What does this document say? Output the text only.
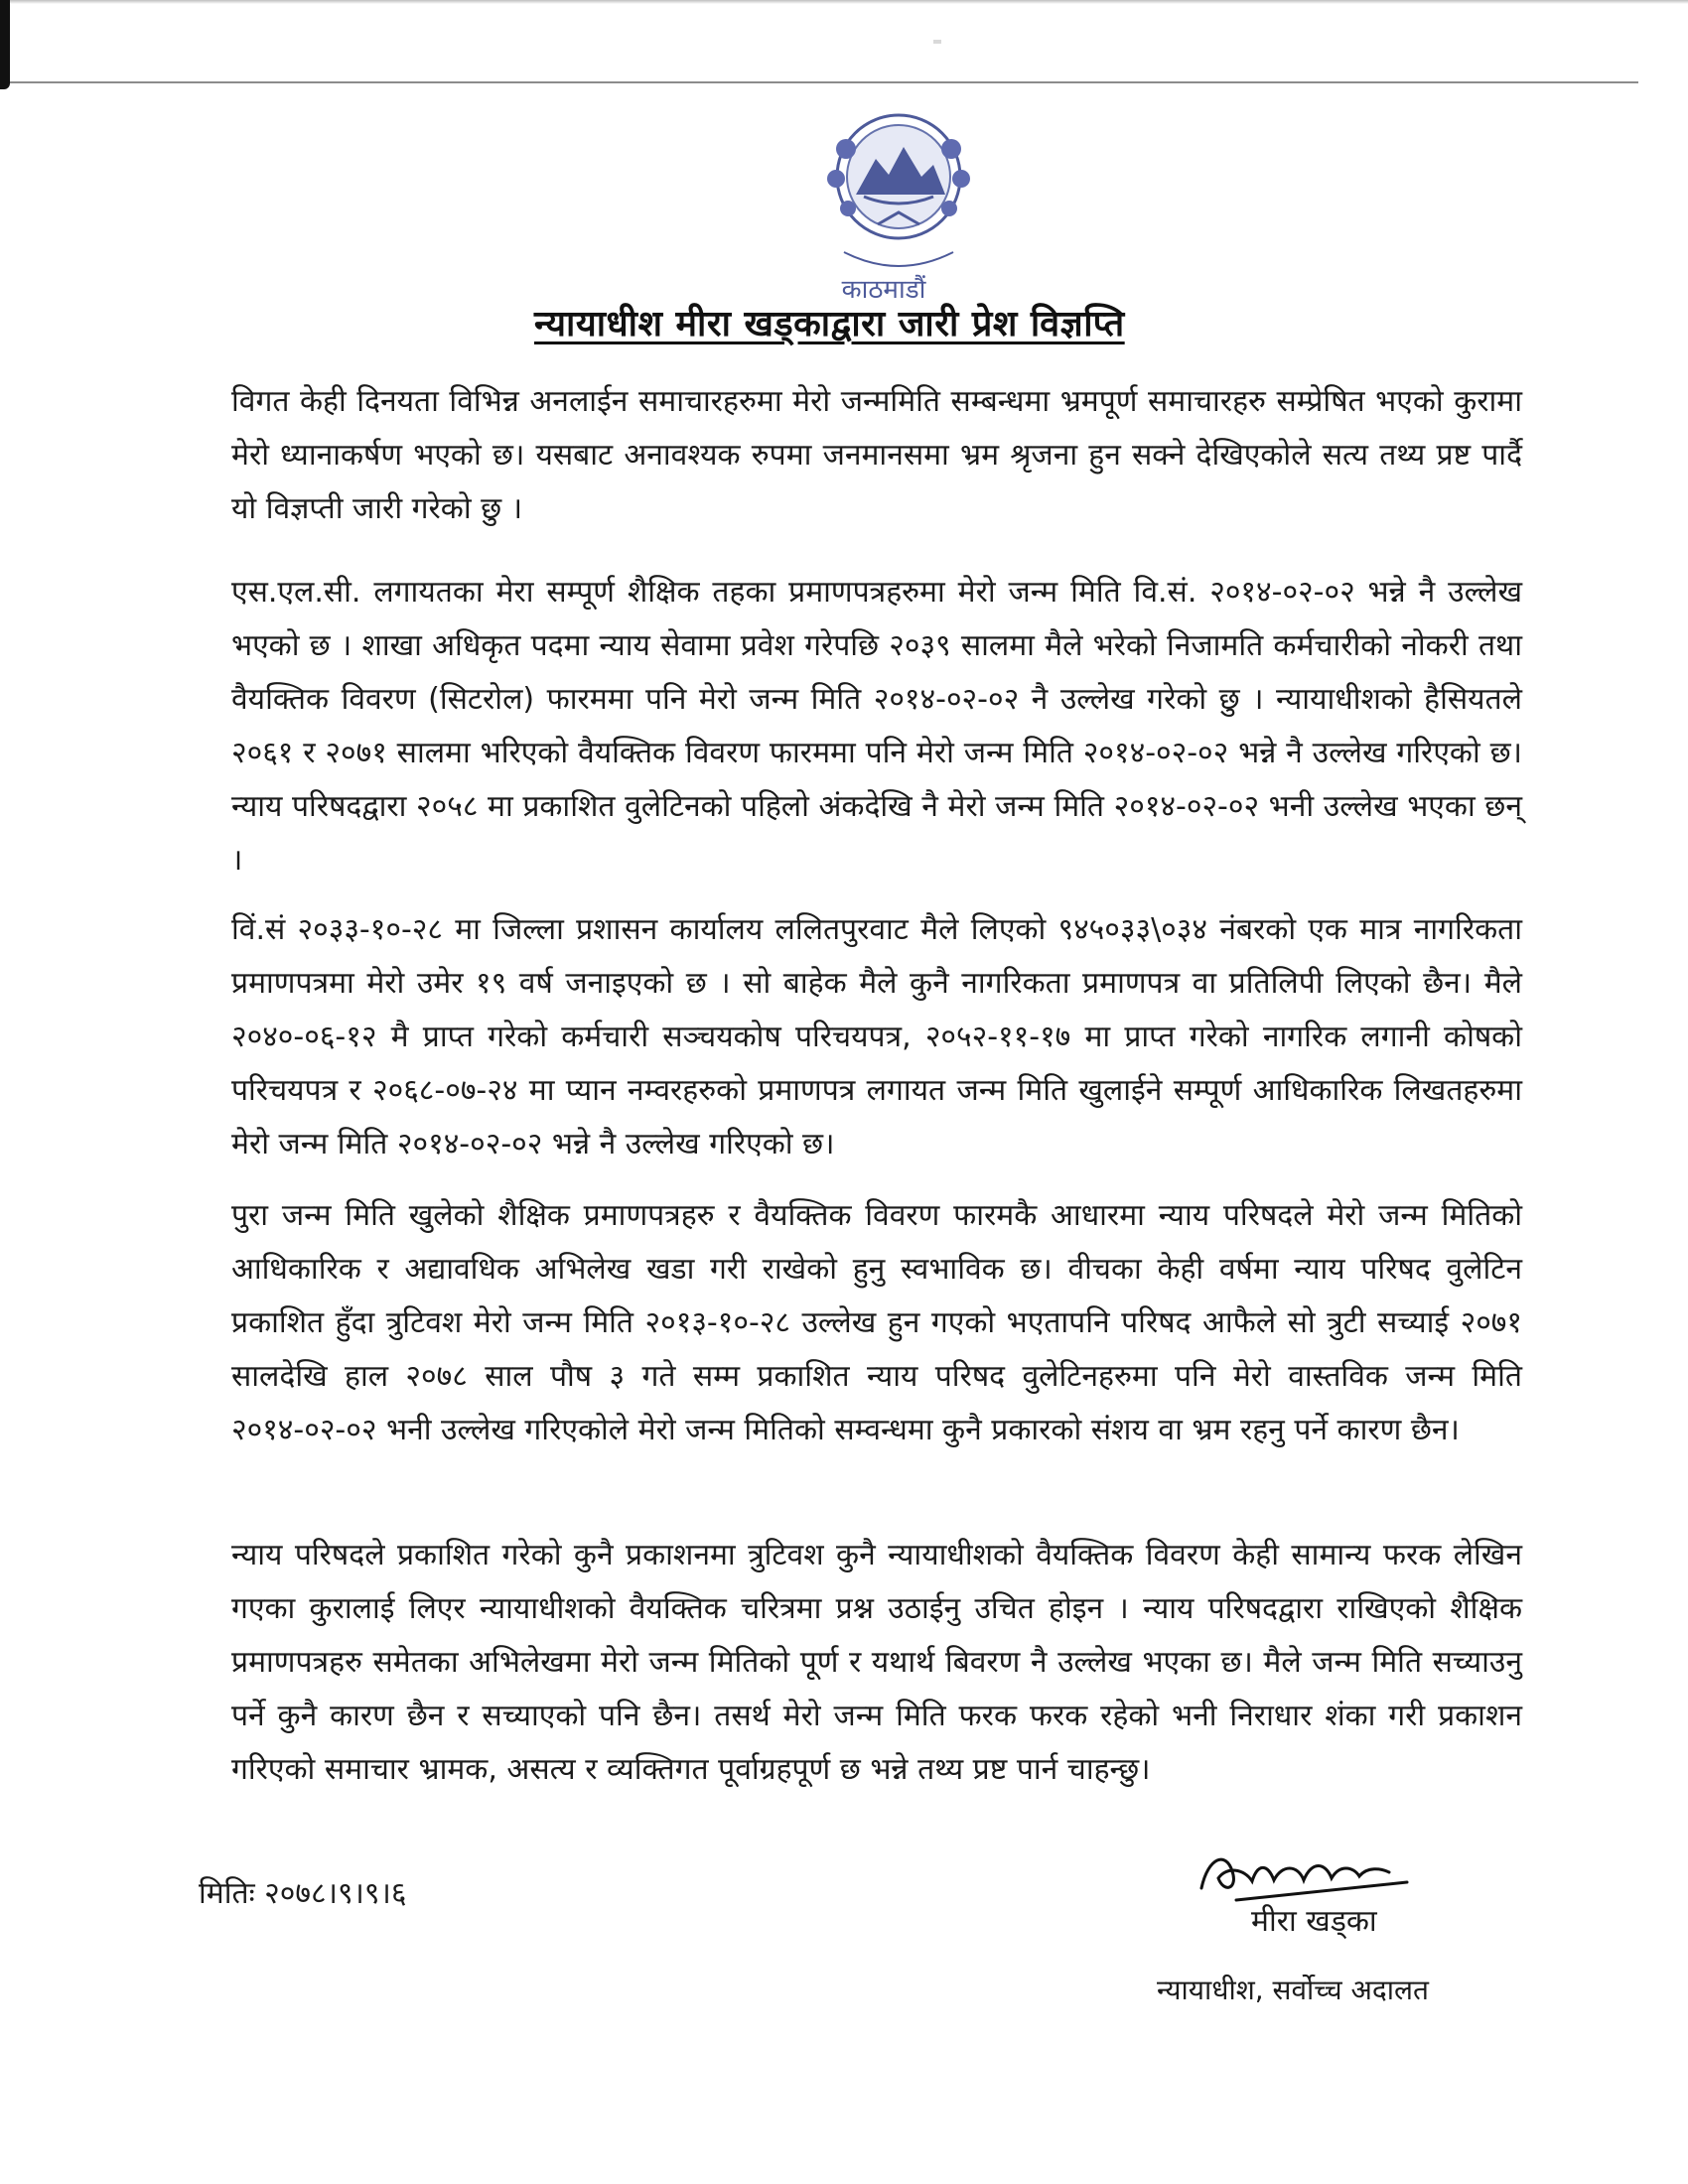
काठमाडौं
न्यायाधीश मीरा खड्काद्वारा जारी प्रेश विज्ञप्ति
विगत केही दिनयता विभिन्न अनलाईन समाचारहरुमा मेरो जन्ममिति सम्बन्धमा भ्रमपूर्ण समाचारहरु सम्प्रेषित भएको कुरामा मेरो ध्यानाकर्षण भएको छ। यसबाट अनावश्यक रुपमा जनमानसमा भ्रम श्रृजना हुन सक्ने देखिएकोले सत्य तथ्य प्रष्ट पार्दै यो विज्ञप्ती जारी गरेको छु ।
एस.एल.सी. लगायतका मेरा सम्पूर्ण शैक्षिक तहका प्रमाणपत्रहरुमा मेरो जन्म मिति वि.सं. २०१४-०२-०२ भन्ने नै उल्लेख भएको छ । शाखा अधिकृत पदमा न्याय सेवामा प्रवेश गरेपछि २०३९ सालमा मैले भरेको निजामति कर्मचारीको नोकरी तथा वैयक्तिक विवरण (सिटरोल) फारममा पनि मेरो जन्म मिति २०१४-०२-०२ नै उल्लेख गरेको छु । न्यायाधीशको हैसियतले २०६१ र २०७१ सालमा भरिएको वैयक्तिक विवरण फारममा पनि मेरो जन्म मिति २०१४-०२-०२ भन्ने नै उल्लेख गरिएको छ। न्याय परिषदद्वारा २०५८ मा प्रकाशित वुलेटिनको पहिलो अंकदेखि नै मेरो जन्म मिति २०१४-०२-०२ भनी उल्लेख भएका छन् ।
विं.सं २०३३-१०-२८ मा जिल्ला प्रशासन कार्यालय ललितपुरवाट मैले लिएको ९४५०३३\०३४ नंबरको एक मात्र नागरिकता प्रमाणपत्रमा मेरो उमेर १९ वर्ष जनाइएको छ । सो बाहेक मैले कुनै नागरिकता प्रमाणपत्र वा प्रतिलिपी लिएको छैन। मैले २०४०-०६-१२ मै प्राप्त गरेको कर्मचारी सञ्चयकोष परिचयपत्र, २०५२-११-१७ मा प्राप्त गरेको नागरिक लगानी कोषको परिचयपत्र र २०६८-०७-२४ मा प्यान नम्वरहरुको प्रमाणपत्र लगायत जन्म मिति खुलाईने सम्पूर्ण आधिकारिक लिखतहरुमा मेरो जन्म मिति २०१४-०२-०२ भन्ने नै उल्लेख गरिएको छ।
पुरा जन्म मिति खुलेको शैक्षिक प्रमाणपत्रहरु र वैयक्तिक विवरण फारमकै आधारमा न्याय परिषदले मेरो जन्म मितिको आधिकारिक र अद्यावधिक अभिलेख खडा गरी राखेको हुनु स्वभाविक छ। वीचका केही वर्षमा न्याय परिषद वुलेटिन प्रकाशित हुँदा त्रुटिवश मेरो जन्म मिति २०१३-१०-२८ उल्लेख हुन गएको भएतापनि परिषद आफैले सो त्रुटी सच्याई २०७१ सालदेखि हाल २०७८ साल पौष ३ गते सम्म प्रकाशित न्याय परिषद वुलेटिनहरुमा पनि मेरो वास्तविक जन्म मिति २०१४-०२-०२ भनी उल्लेख गरिएकोले मेरो जन्म मितिको सम्वन्धमा कुनै प्रकारको संशय वा भ्रम रहनु पर्ने कारण छैन।
न्याय परिषदले प्रकाशित गरेको कुनै प्रकाशनमा त्रुटिवश कुनै न्यायाधीशको वैयक्तिक विवरण केही सामान्य फरक लेखिन गएका कुरालाई लिएर न्यायाधीशको वैयक्तिक चरित्रमा प्रश्न उठाईनु उचित होइन । न्याय परिषदद्वारा राखिएको शैक्षिक प्रमाणपत्रहरु समेतका अभिलेखमा मेरो जन्म मितिको पूर्ण र यथार्थ बिवरण नै उल्लेख भएका छ। मैले जन्म मिति सच्याउनु पर्ने कुनै कारण छैन र सच्याएको पनि छैन। तसर्थ मेरो जन्म मिति फरक फरक रहेको भनी निराधार शंका गरी प्रकाशन गरिएको समाचार भ्रामक, असत्य र व्यक्तिगत पूर्वाग्रहपूर्ण छ भन्ने तथ्य प्रष्ट पार्न चाहन्छु।
मितिः २०७८।९।९।६
मीरा खड्का
न्यायाधीश, सर्वोच्च अदालत
